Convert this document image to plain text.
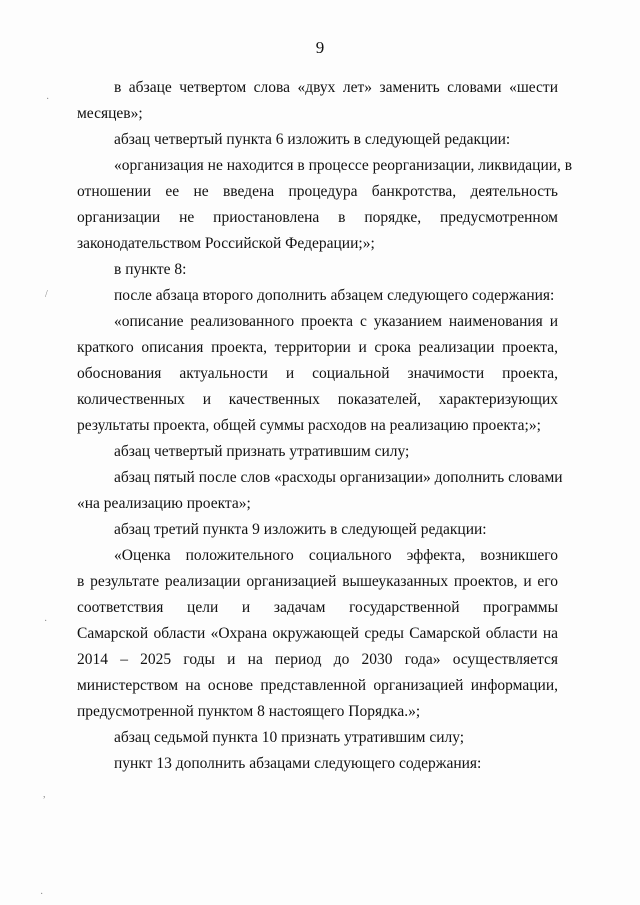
9
в абзаце четвертом слова «двух лет» заменить словами «шести
месяцев»;
абзац четвертый пункта 6 изложить в следующей редакции:
«организация не находится в процессе реорганизации, ликвидации, в
отношении ее не введена процедура банкротства, деятельность
организации не приостановлена в порядке, предусмотренном
законодательством Российской Федерации;»;
в пункте 8:
после абзаца второго дополнить абзацем следующего содержания:
«описание реализованного проекта с указанием наименования и
краткого описания проекта, территории и срока реализации проекта,
обоснования актуальности и социальной значимости проекта,
количественных и качественных показателей, характеризующих
результаты проекта, общей суммы расходов на реализацию проекта;»;
абзац четвертый признать утратившим силу;
абзац пятый после слов «расходы организации» дополнить словами
«на реализацию проекта»;
абзац третий пункта 9 изложить в следующей редакции:
«Оценка положительного социального эффекта, возникшего
в результате реализации организацией вышеуказанных проектов, и его
соответствия цели и задачам государственной программы
Самарской области «Охрана окружающей среды Самарской области на
2014 – 2025 годы и на период до 2030 года» осуществляется
министерством на основе представленной организацией информации,
предусмотренной пунктом 8 настоящего Порядка.»;
абзац седьмой пункта 10 признать утратившим силу;
пункт 13 дополнить абзацами следующего содержания:
·
/
·
,
·
